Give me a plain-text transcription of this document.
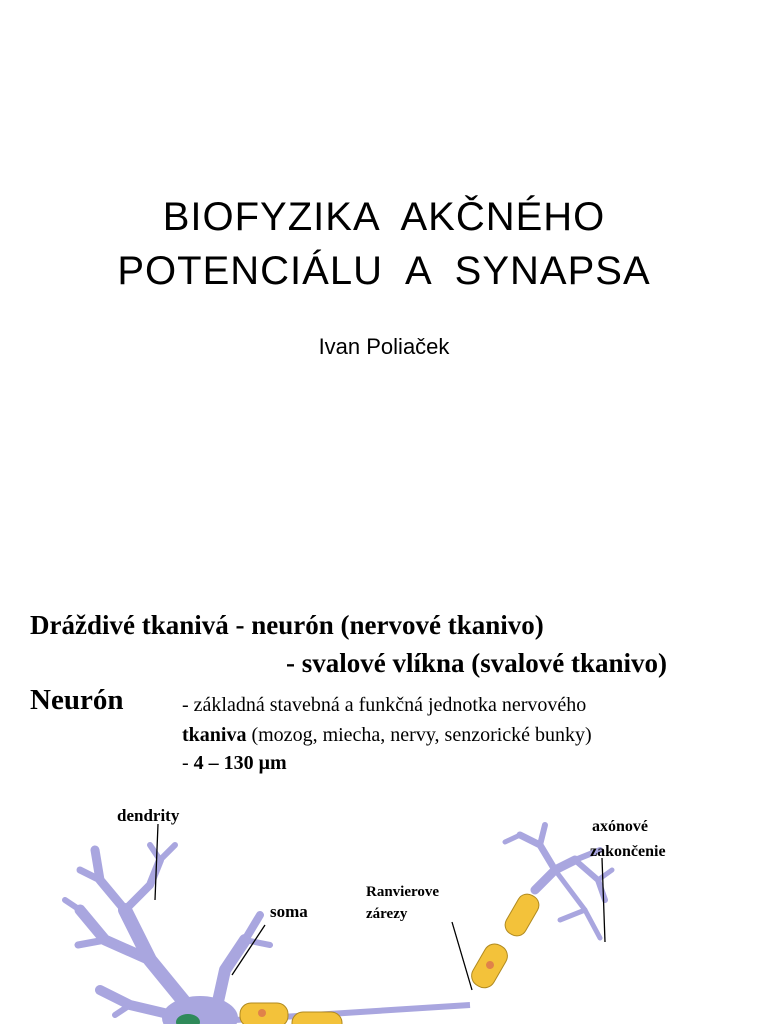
BIOFYZIKA  AKČNÉHO
POTENCIÁLU  A  SYNAPSA
Ivan Poliaček
Dráždivé tkanivá - neurón (nervové tkanivo)
- svalové vlíkna (svalové tkanivo)
Neurón	- základná stavebná a funkčná jednotka nervového
tkaniva (mozog, miecha, nervy, senzorické bunky)
- 4 – 130 μm
dendrity
soma
Ranvierove
zárezy
axónové
zakončenie
